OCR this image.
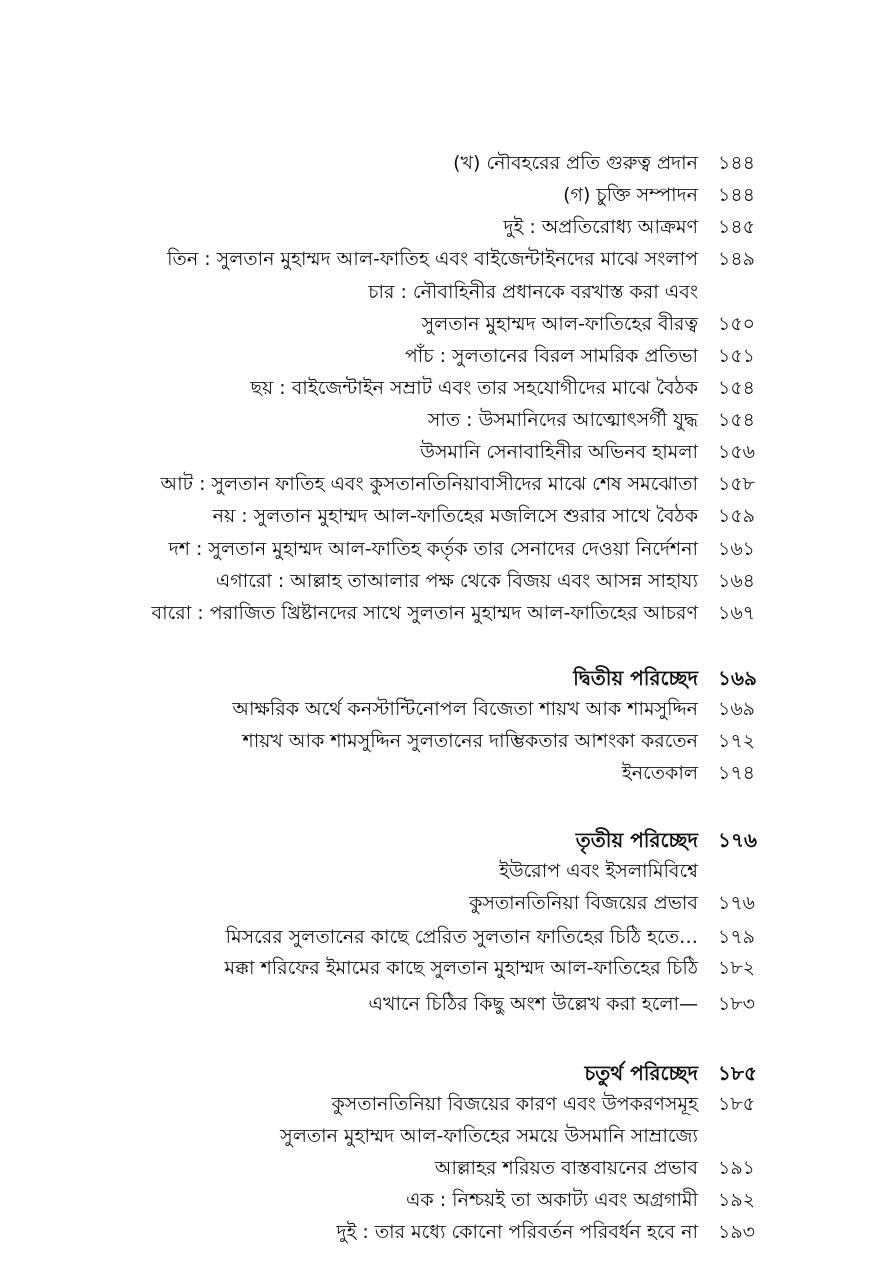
(খ) নৌবহরের প্রতি গুরুত্ব প্রদান ১৪৪
(গ) চুক্তি সম্পাদন ১৪৪
দুই : অপ্রতিরোধ্য আক্রমণ ১৪৫
তিন : সুলতান মুহাম্মদ আল-ফাতিহ এবং বাইজেন্টাইনদের মাঝে সংলাপ ১৪৯
চার : নৌবাহিনীর প্রধানকে বরখাস্ত করা এবং
সুলতান মুহাম্মদ আল-ফাতিহের বীরত্ব ১৫০
পাঁচ : সুলতানের বিরল সামরিক প্রতিভা ১৫১
ছয় : বাইজেন্টাইন সম্রাট এবং তার সহযোগীদের মাঝে বৈঠক ১৫৪
সাত : উসমানিদের আত্মোৎসর্গী যুদ্ধ ১৫৪
উসমানি সেনাবাহিনীর অভিনব হামলা ১৫৬
আট : সুলতান ফাতিহ এবং কুসতানতিনিয়াবাসীদের মাঝে শেষ সমঝোতা ১৫৮
নয় : সুলতান মুহাম্মদ আল-ফাতিহের মজলিসে শুরার সাথে বৈঠক ১৫৯
দশ : সুলতান মুহাম্মদ আল-ফাতিহ কর্তৃক তার সেনাদের দেওয়া নির্দেশনা ১৬১
এগারো : আল্লাহ তাআলার পক্ষ থেকে বিজয় এবং আসন্ন সাহায্য ১৬৪
বারো : পরাজিত খ্রিষ্টানদের সাথে সুলতান মুহাম্মদ আল-ফাতিহের আচরণ ১৬৭
দ্বিতীয় পরিচ্ছেদ ১৬৯
আক্ষরিক অর্থে কনস্টান্টিনোপল বিজেতা শায়খ আক শামসুদ্দিন ১৬৯
শায়খ আক শামসুদ্দিন সুলতানের দাম্ভিকতার আশংকা করতেন ১৭২
ইনতেকাল ১৭৪
তৃতীয় পরিচ্ছেদ ১৭৬
ইউরোপ এবং ইসলামিবিশ্বে
কুসতানতিনিয়া বিজয়ের প্রভাব ১৭৬
মিসরের সুলতানের কাছে প্রেরিত সুলতান ফাতিহের চিঠি হতে… ১৭৯
মক্কা শরিফের ইমামের কাছে সুলতান মুহাম্মদ আল-ফাতিহের চিঠি ১৮২
এখানে চিঠির কিছু অংশ উল্লেখ করা হলো— ১৮৩
চতুর্থ পরিচ্ছেদ ১৮৫
কুসতানতিনিয়া বিজয়ের কারণ এবং উপকরণসমূহ ১৮৫
সুলতান মুহাম্মদ আল-ফাতিহের সময়ে উসমানি সাম্রাজ্যে
আল্লাহর শরিয়ত বাস্তবায়নের প্রভাব ১৯১
এক : নিশ্চয়ই তা অকাট্য এবং অগ্রগামী ১৯২
দুই : তার মধ্যে কোনো পরিবর্তন পরিবর্ধন হবে না ১৯৩
